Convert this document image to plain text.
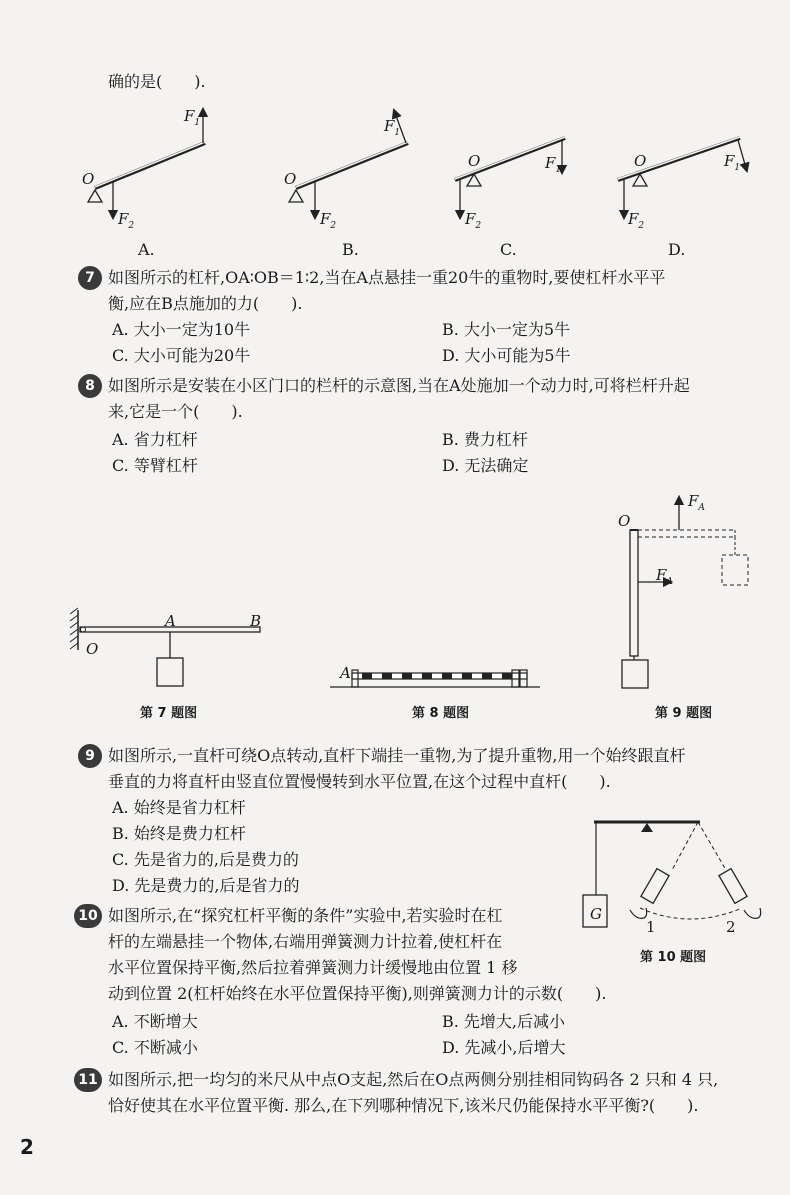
确的是(　　).
O
$F_1$
$F_2$
O
$F_1$
$F_2$
O	$F_1$
$F_2$
O	$F_1$
$F_2$
A.	B.	C.	D.
7 如图所示的杠杆,OA∶OB＝1∶2,当在A点悬挂一重20牛的重物时,要使杠杆水平平
衡,应在B点施加的力(　　).
A. 大小一定为10牛	B. 大小一定为5牛
C. 大小可能为20牛	D. 大小可能为5牛
8 如图所示是安装在小区门口的栏杆的示意图,当在A处施加一个动力时,可将栏杆升起
来,它是一个(　　).
A. 省力杠杆	B. 费力杠杆
C. 等臂杠杆	D. 无法确定
A	B
O
A
O
$F_A$
$F_A$
第 7 题图	第 8 题图	第 9 题图
9 如图所示,一直杆可绕O点转动,直杆下端挂一重物,为了提升重物,用一个始终跟直杆
垂直的力将直杆由竖直位置慢慢转到水平位置,在这个过程中直杆(　　).
A. 始终是省力杠杆
B. 始终是费力杠杆
C. 先是省力的,后是费力的
D. 先是费力的,后是省力的
G
1	2
第 10 题图
10 如图所示,在“探究杠杆平衡的条件”实验中,若实验时在杠
杆的左端悬挂一个物体,右端用弹簧测力计拉着,使杠杆在
水平位置保持平衡,然后拉着弹簧测力计缓慢地由位置 1 移
动到位置 2(杠杆始终在水平位置保持平衡),则弹簧测力计的示数(　　).
A. 不断增大	B. 先增大,后减小
C. 不断减小	D. 先减小,后增大
11 如图所示,把一均匀的米尺从中点O支起,然后在O点两侧分别挂相同钩码各 2 只和 4 只,
恰好使其在水平位置平衡. 那么,在下列哪种情况下,该米尺仍能保持水平平衡?(　　).
2
